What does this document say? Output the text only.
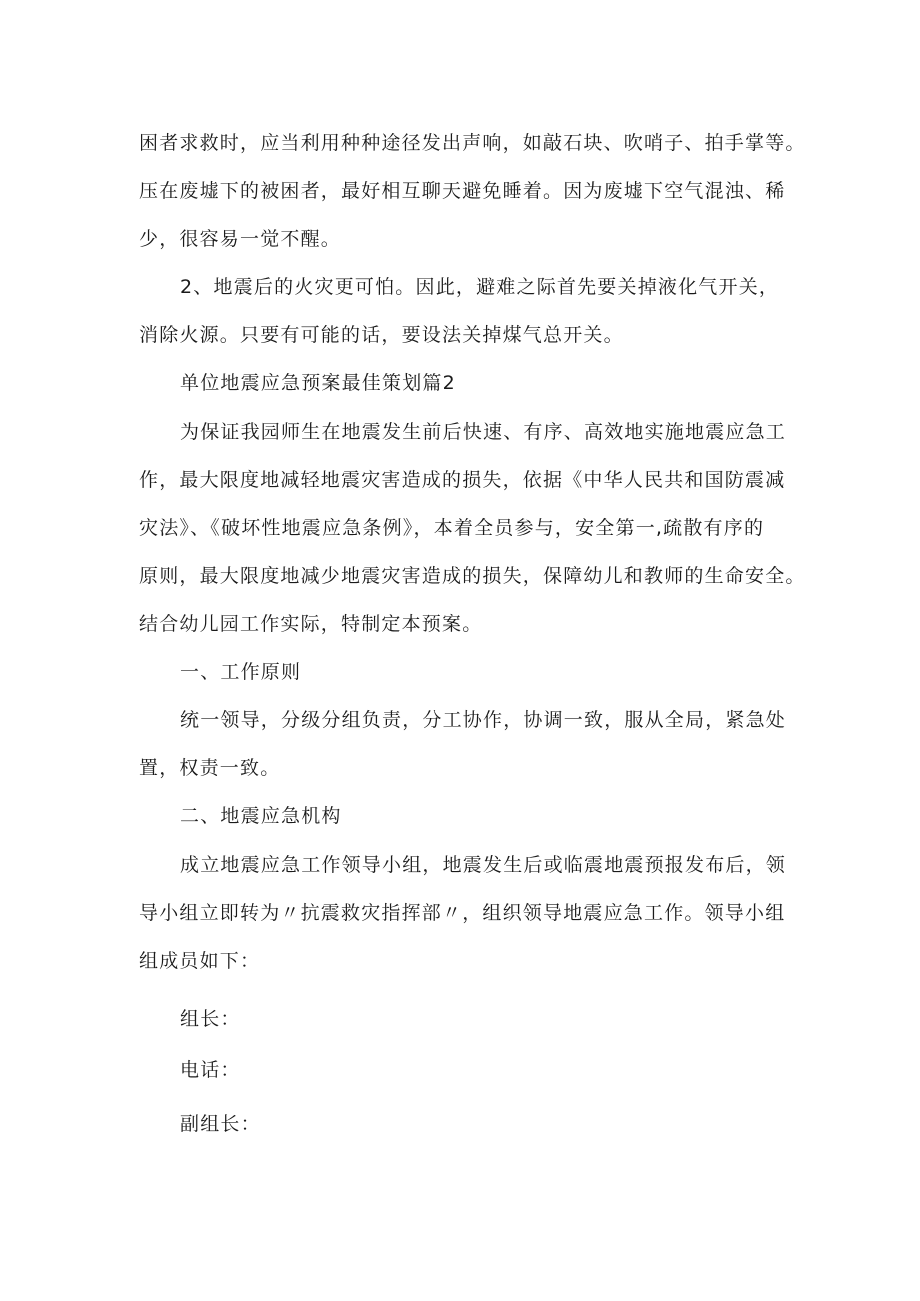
困者求救时，应当利用种种途径发出声响，如敲石块、吹哨子、拍手掌等。
压在废墟下的被困者，最好相互聊天避免睡着。因为废墟下空气混浊、稀
少，很容易一觉不醒。
2、地震后的火灾更可怕。因此，避难之际首先要关掉液化气开关，
消除火源。只要有可能的话，要设法关掉煤气总开关。
单位地震应急预案最佳策划篇2
为保证我园师生在地震发生前后快速、有序、高效地实施地震应急工
作，最大限度地减轻地震灾害造成的损失，依据《中华人民共和国防震减
灾法》、《破坏性地震应急条例》，本着全员参与，安全第一,疏散有序的
原则，最大限度地减少地震灾害造成的损失，保障幼儿和教师的生命安全。
结合幼儿园工作实际，特制定本预案。
一、工作原则
统一领导，分级分组负责，分工协作，协调一致，服从全局，紧急处
置，权责一致。
二、地震应急机构
成立地震应急工作领导小组，地震发生后或临震地震预报发布后，领
导小组立即转为〃抗震救灾指挥部〃，组织领导地震应急工作。领导小组
组成员如下：
组长：
电话：
副组长：
